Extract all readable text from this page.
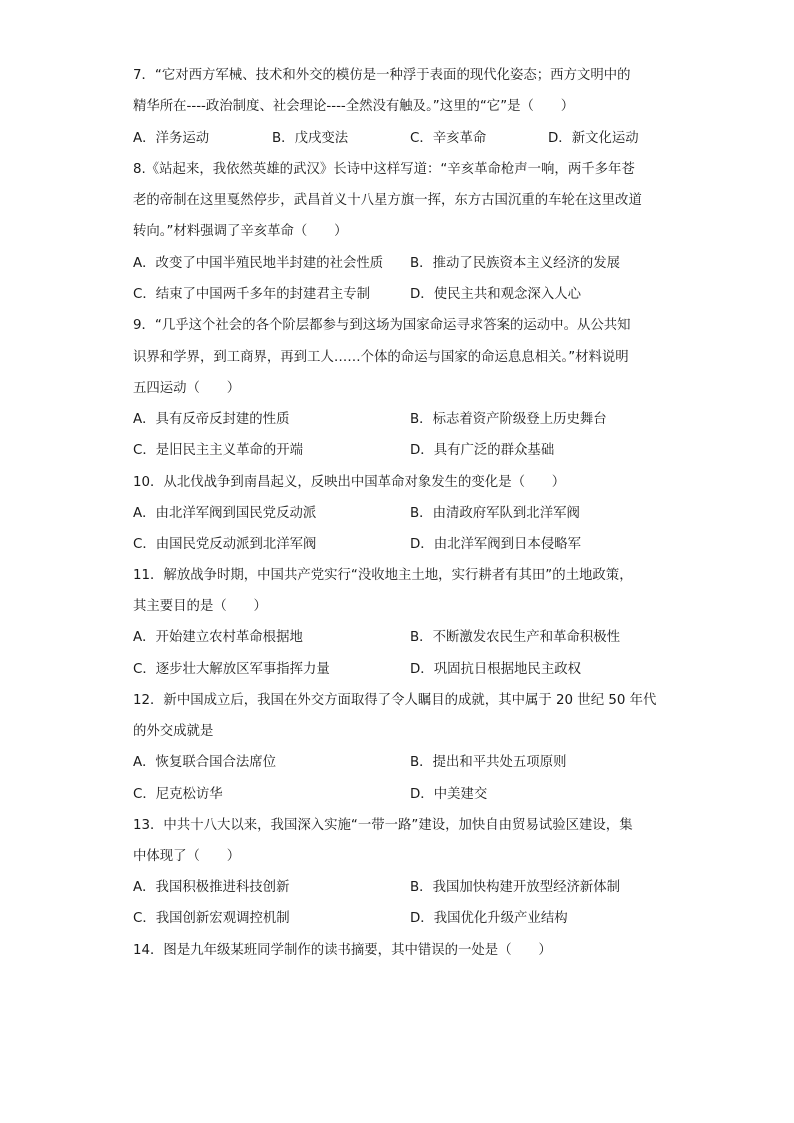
7．“它对西方军械、技术和外交的模仿是一种浮于表面的现代化姿态；西方文明中的
精华所在----政治制度、社会理论----全然没有触及。”这里的“它”是（　　）
A．洋务运动	B．戊戌变法	C．辛亥革命	D．新文化运动
8.《站起来，我依然英雄的武汉》长诗中这样写道：“辛亥革命枪声一响，两千多年苍
老的帝制在这里戛然停步，武昌首义十八星方旗一挥，东方古国沉重的车轮在这里改道
转向。”材料强调了辛亥革命（　　）
A．改变了中国半殖民地半封建的社会性质 B．推动了民族资本主义经济的发展
C．结束了中国两千多年的封建君主专制	D．使民主共和观念深入人心
9．“几乎这个社会的各个阶层都参与到这场为国家命运寻求答案的运动中。从公共知
识界和学界，到工商界，再到工人……个体的命运与国家的命运息息相关。”材料说明
五四运动（　　）
A．具有反帝反封建的性质	B．标志着资产阶级登上历史舞台
C．是旧民主主义革命的开端	D．具有广泛的群众基础
10．从北伐战争到南昌起义，反映出中国革命对象发生的变化是（　　）
A．由北洋军阀到国民党反动派	B．由清政府军队到北洋军阀
C．由国民党反动派到北洋军阀	D．由北洋军阀到日本侵略军
11．解放战争时期，中国共产党实行“没收地主土地，实行耕者有其田”的土地政策，
其主要目的是（　　）
A．开始建立农村革命根据地	B．不断激发农民生产和革命积极性
C．逐步壮大解放区军事指挥力量	D．巩固抗日根据地民主政权
12．新中国成立后，我国在外交方面取得了令人瞩目的成就，其中属于 20 世纪 50 年代
的外交成就是
A．恢复联合国合法席位	B．提出和平共处五项原则
C．尼克松访华	D．中美建交
13．中共十八大以来，我国深入实施“一带一路”建设，加快自由贸易试验区建设，集
中体现了（　　）
A．我国积极推进科技创新	B．我国加快构建开放型经济新体制
C．我国创新宏观调控机制	D．我国优化升级产业结构
14．图是九年级某班同学制作的读书摘要，其中错误的一处是（　　）
